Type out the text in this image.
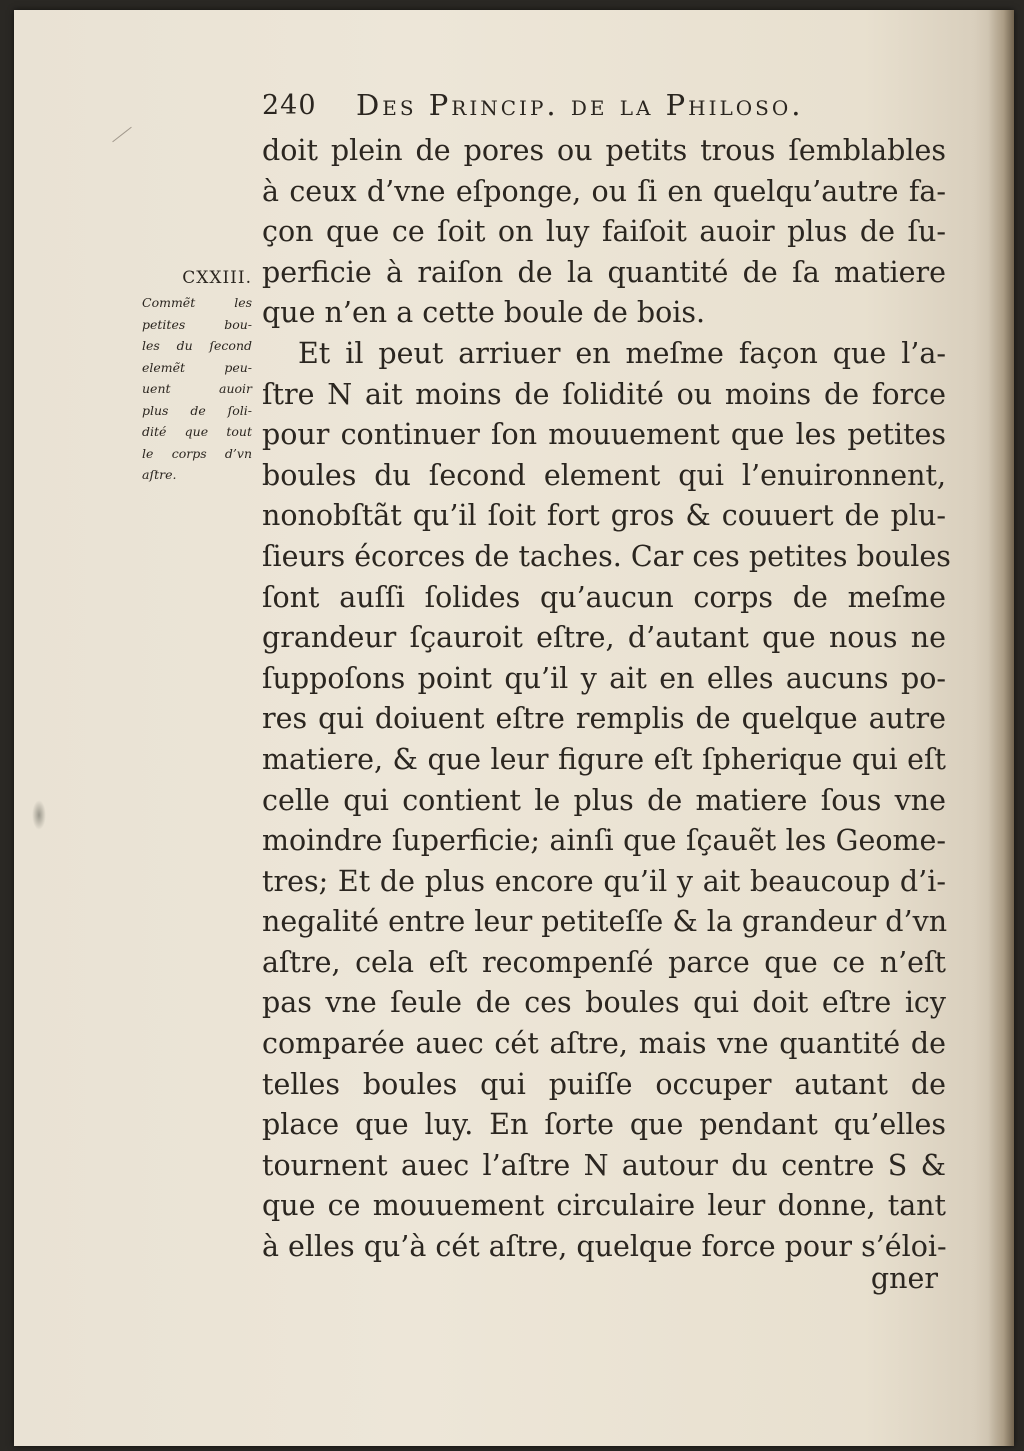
240 Des Princip. de la Philoso.
CXXIII.
Commẽt les
petites bou-
les du ſecond
elemẽt peu-
uent auoir
plus de ſoli-
dité que tout
le corps d’vn
aſtre.
doit plein de pores ou petits trous ſemblables
à ceux d’vne eſponge, ou ſi en quelqu’autre fa-
çon que ce ſoit on luy faiſoit auoir plus de ſu-
perficie à raiſon de la quantité de ſa matiere
que n’en a cette boule de bois.
Et il peut arriuer en meſme façon que l’a-
ſtre N ait moins de ſolidité ou moins de force
pour continuer ſon mouuement que les petites
boules du ſecond element qui l’enuironnent,
nonobſtãt qu’il ſoit fort gros & couuert de plu-
ſieurs écorces de taches. Car ces petites boules
ſont auſſi ſolides qu’aucun corps de meſme
grandeur ſçauroit eſtre, d’autant que nous ne
ſuppoſons point qu’il y ait en elles aucuns po-
res qui doiuent eſtre remplis de quelque autre
matiere, & que leur figure eſt ſpherique qui eſt
celle qui contient le plus de matiere ſous vne
moindre ſuperficie; ainſi que ſçauẽt les Geome-
tres; Et de plus encore qu’il y ait beaucoup d’i-
negalité entre leur petiteſſe & la grandeur d’vn
aſtre, cela eſt recompenſé parce que ce n’eſt
pas vne ſeule de ces boules qui doit eſtre icy
comparée auec cét aſtre, mais vne quantité de
telles boules qui puiſſe occuper autant de
place que luy. En ſorte que pendant qu’elles
tournent auec l’aſtre N autour du centre S &
que ce mouuement circulaire leur donne, tant
à elles qu’à cét aſtre, quelque force pour s’éloi-
gner
